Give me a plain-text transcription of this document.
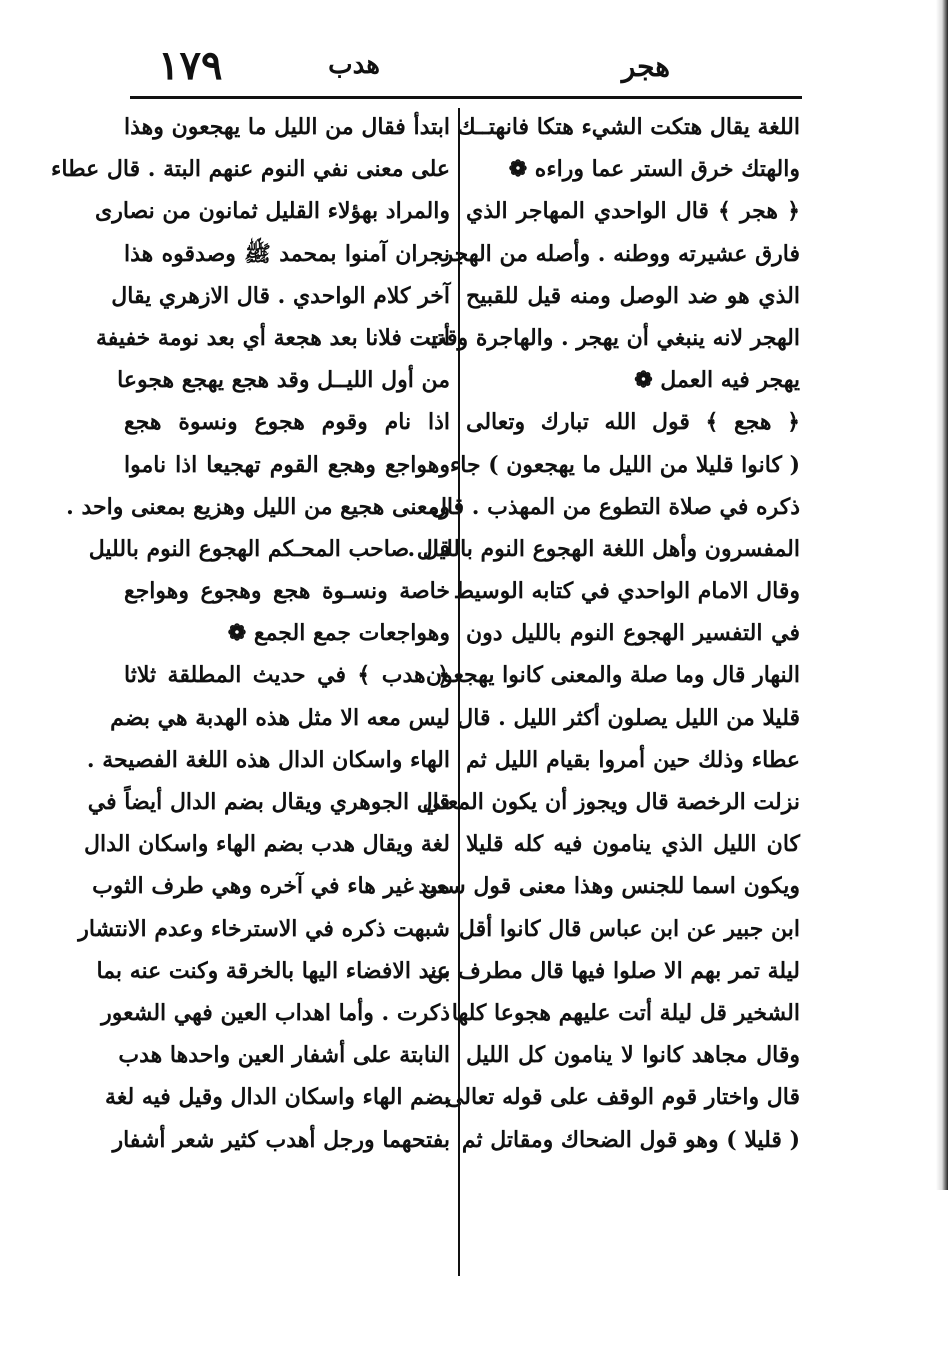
هجر
هدب
١٧٩
اللغة يقال هتكت الشيء هتكا فانهتــك
والهتك خرق الستر عما وراءه ❁
﴿ هجر ﴾ قال الواحدي المهاجر الذي
فارق عشيرته ووطنه . وأصله من الهجر
الذي هو ضد الوصل ومنه قيل للقبيح
الهجر لانه ينبغي أن يهجر . والهاجرة وقت
يهجر فيه العمل ❁
﴿ هجع ﴾ قول الله تبارك وتعالى
( كانوا قليلا من الليل ما يهجعون ) جاء
ذكره في صلاة التطوع من المهذب . قال
المفسرون وأهل اللغة الهجوع النوم بالليل .
وقال الامام الواحدي في كتابه الوسيط
في التفسير الهجوع النوم بالليل دون
النهار قال وما صلة والمعنى كانوا يهجعون
قليلا من الليل يصلون أكثر الليل . قال
عطاء وذلك حين أمروا بقيام الليل ثم
نزلت الرخصة قال ويجوز أن يكون المعني
كان الليل الذي ينامون فيه كله قليلا
ويكون اسما للجنس وهذا معنى قول سعيد
ابن جبير عن ابن عباس قال كانوا أقل
ليلة تمر بهم الا صلوا فيها قال مطرف بن
الشخير قل ليلة أتت عليهم هجوعا كلها
وقال مجاهد كانوا لا ينامون كل الليل
قال واختار قوم الوقف على قوله تعالى
( قليلا ) وهو قول الضحاك ومقاتل ثم
ابتدأ فقال من الليل ما يهجعون وهذا
على معنى نفي النوم عنهم البتة . قال عطاء
والمراد بهؤلاء القليل ثمانون من نصارى
نجران آمنوا بمحمد ﷺ وصدقوه هذا
آخر كلام الواحدي . قال الازهري يقال
أتيت فلانا بعد هجعة أي بعد نومة خفيفة
من أول الليــل وقد هجع يهجع هجوعا
اذا نام وقوم هجوع ونسوة هجع
وهواجع وهجع القوم تهجيعا اذا ناموا
ومعنى هجيع من الليل وهزيع بمعنى واحد .
قال صاحب المحـكم الهجوع النوم بالليل
خاصة ونسـوة هجع وهجوع وهواجع
وهواجعات جمع الجمع ❁
﴿ هدب ﴾ في حديث المطلقة ثلاثا
ليس معه الا مثل هذه الهدبة هي بضم
الهاء واسكان الدال هذه اللغة الفصيحة .
قال الجوهري ويقال بضم الدال أيضاً في
لغة ويقال هدب بضم الهاء واسكان الدال
من غير هاء في آخره وهي طرف الثوب
شبهت ذكره في الاسترخاء وعدم الانتشار
عند الافضاء اليها بالخرقة وكنت عنه بما
ذكرت . وأما اهداب العين فهي الشعور
النابتة على أشفار العين واحدها هدب
بضم الهاء واسكان الدال وقيل فيه لغة
بفتحهما ورجل أهدب كثير شعر أشفار
